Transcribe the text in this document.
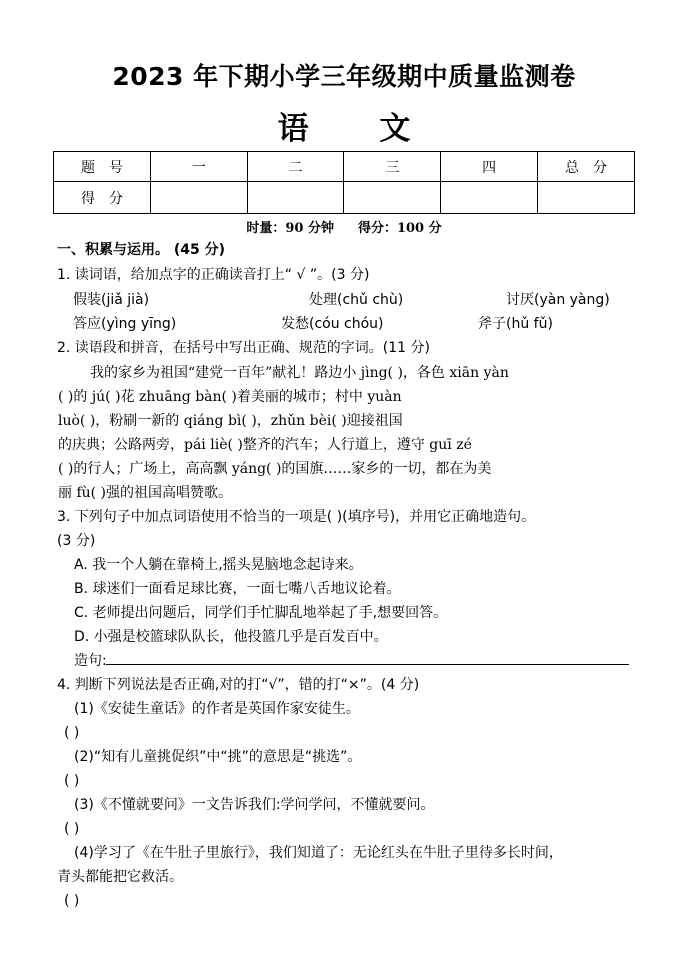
2023 年下期小学三年级期中质量监测卷
语 文
题　号	一	二	三	四	总　分
得　分					
时量：90 分钟 得分：100 分
一、积累与运用。 (45 分)
1. 读词语，给加点字的正确读音打上“ √ ”。(3 分)
假装(jiǎ jià)	处理(chǔ chù)	讨厌(yàn yàng)
答应(yìng yīng)	发愁(cóu chóu)	斧子(hǔ fǔ)
2. 读语段和拼音，在括号中写出正确、规范的字词。(11 分)
我的家乡为祖国“建党一百年”献礼！路边小 jìng( )，各色 xiān yàn
( )的 jú( )花 zhuāng bàn( )着美丽的城市；村中 yuàn
luò( )，粉刷一新的 qiáng bì( )，zhǔn bèi( )迎接祖国
的庆典；公路两旁，pái liè( )整齐的汽车；人行道上，遵守 guī zé
( )的行人；广场上，高高飘 yáng( )的国旗……家乡的一切，都在为美
丽 fù( )强的祖国高唱赞歌。
3. 下列句子中加点词语使用不恰当的一项是( )(填序号)，并用它正确地造句。
(3 分)
A. 我一个人躺在靠椅上,摇头晃脑地念起诗来。
B. 球迷们一面看足球比赛，一面七嘴八舌地议论着。
C. 老师提出问题后，同学们手忙脚乱地举起了手,想要回答。
D. 小强是校篮球队队长，他投篮几乎是百发百中。
造句:
4. 判断下列说法是否正确,对的打“√”，错的打“×”。(4 分)
(1)《安徒生童话》的作者是英国作家安徒生。
( )
(2)“知有儿童挑促织”中“挑”的意思是“挑选”。
( )
(3)《不懂就要问》一文告诉我们:学问学问，不懂就要问。
( )
(4)学习了《在牛肚子里旅行》，我们知道了：无论红头在牛肚子里待多长时间，
青头都能把它救活。
( )
